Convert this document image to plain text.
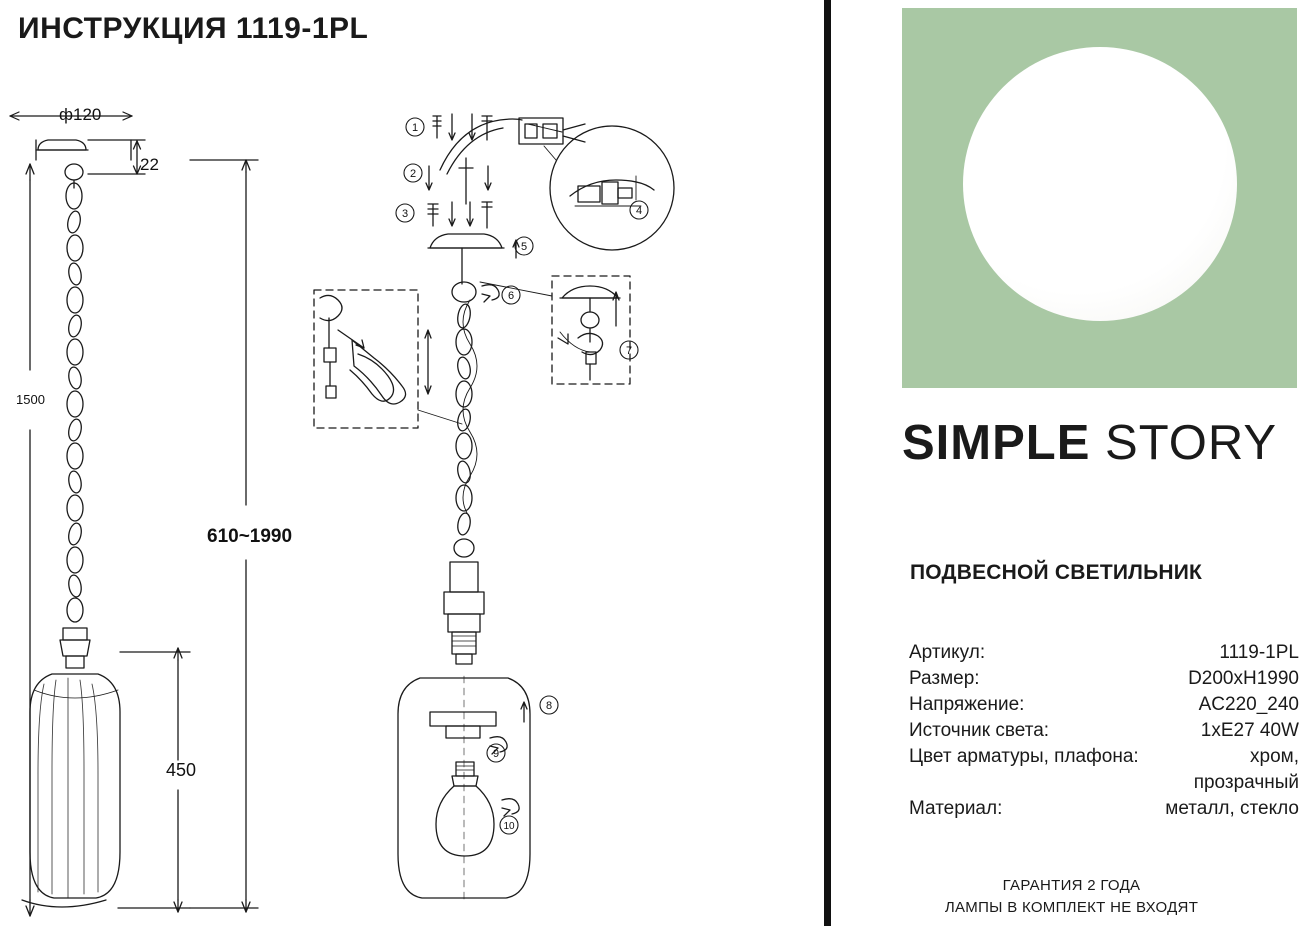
ИНСТРУКЦИЯ 1119-1PL
ф120
22
1500
610~1990
450
1
2
3	4
5
6
7
8
9
10
SIMPLE STORY
ПОДВЕСНОЙ СВЕТИЛЬНИК
Артикул:	1119-1PL
Размер:	D200xH1990
Напряжение:	AC220_240
Источник света:	1xE27 40W
Цвет арматуры, плафона:	хром, прозрачный
Материал:	металл, стекло
ГАРАНТИЯ 2 ГОДА
ЛАМПЫ В КОМПЛЕКТ НЕ ВХОДЯТ
